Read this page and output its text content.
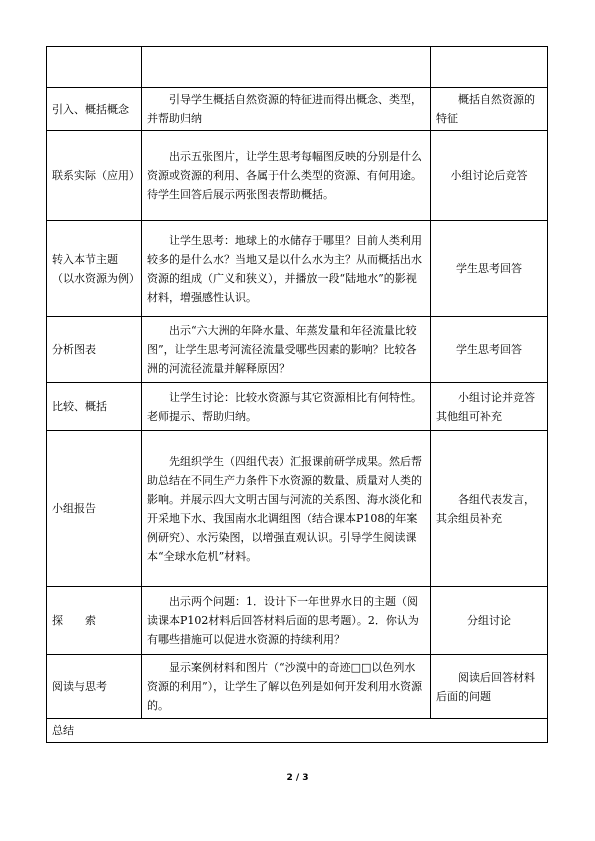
引入、概括概念	引导学生概括自然资源的特征进而得出概念、类型，并帮助归纳	概括自然资源的特征
联系实际（应用）	出示五张图片，让学生思考每幅图反映的分别是什么资源或资源的利用、各属于什么类型的资源、有何用途。待学生回答后展示两张图表帮助概括。	小组讨论后竞答
转入本节主题（以水资源为例）	让学生思考：地球上的水储存于哪里？目前人类利用较多的是什么水？当地又是以什么水为主？从而概括出水资源的组成（广义和狭义），并播放一段“陆地水”的影视材料，增强感性认识。	学生思考回答
分析图表	出示“六大洲的年降水量、年蒸发量和年径流量比较图”，让学生思考河流径流量受哪些因素的影响？比较各洲的河流径流量并解释原因？	学生思考回答
比较、概括	让学生讨论：比较水资源与其它资源相比有何特性。老师提示、帮助归纳。	小组讨论并竞答其他组可补充
小组报告	先组织学生（四组代表）汇报课前研学成果。然后帮助总结在不同生产力条件下水资源的数量、质量对人类的影响。并展示四大文明古国与河流的关系图、海水淡化和开采地下水、我国南水北调组图（结合课本P108的年案例研究）、水污染图，以增强直观认识。引导学生阅读课本“全球水危机”材料。	各组代表发言，其余组员补充
探　　索	出示两个问题：1．设计下一年世界水日的主题（阅读课本P102材料后回答材料后面的思考题）。2．你认为有哪些措施可以促进水资源的持续利用？	分组讨论
阅读与思考	显示案例材料和图片（“沙漠中的奇迹□□以色列水资源的利用”），让学生了解以色列是如何开发利用水资源的。	阅读后回答材料后面的问题
总结		
2 / 3
